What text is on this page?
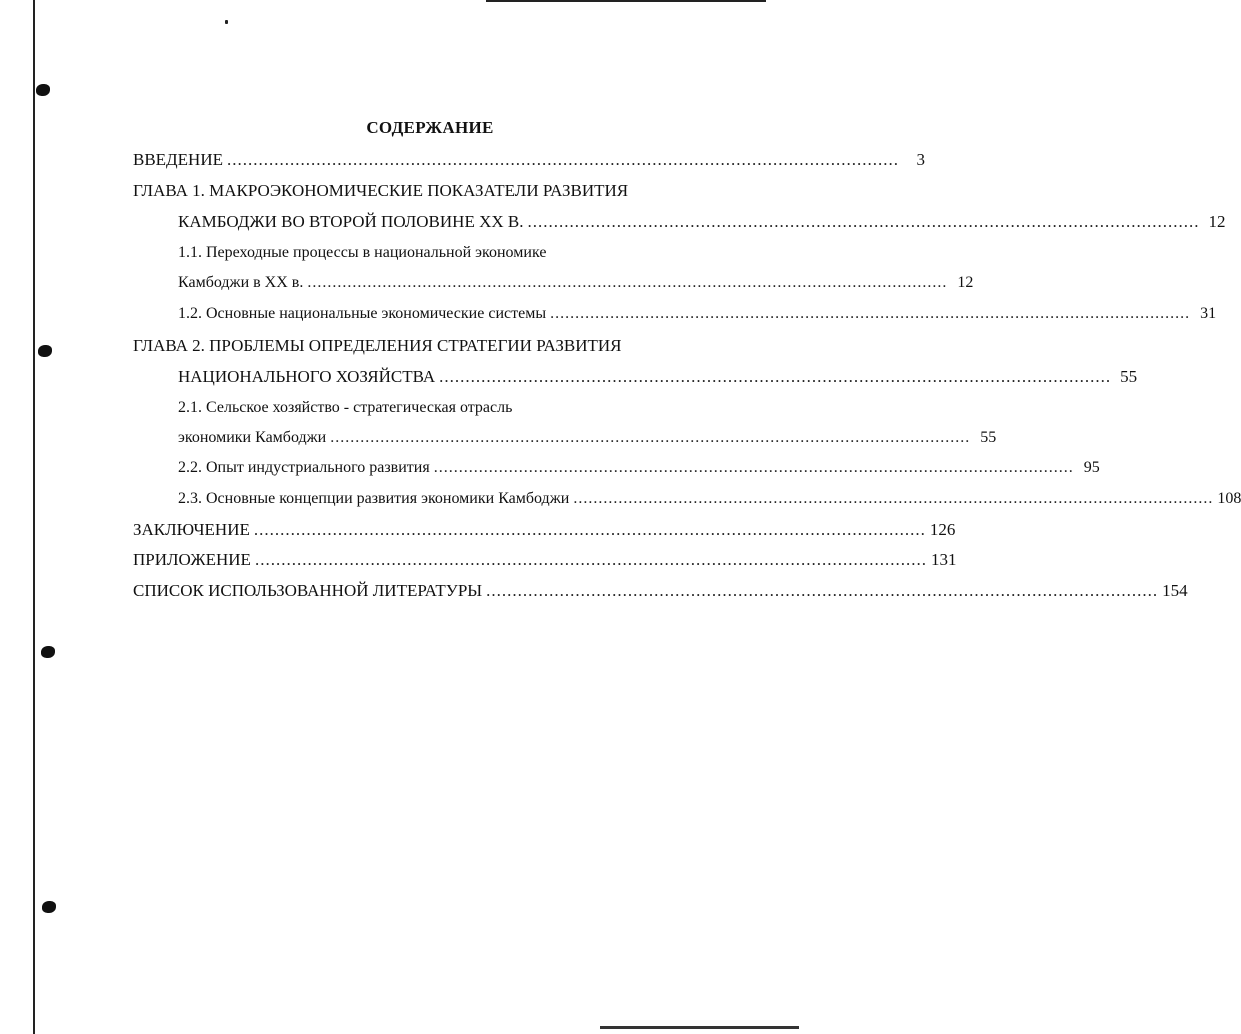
СОДЕРЖАНИЕ
ВВЕДЕНИЕ ................................................................................................................................	3
ГЛАВА 1. МАКРОЭКОНОМИЧЕСКИЕ ПОКАЗАТЕЛИ РАЗВИТИЯ
КАМБОДЖИ ВО ВТОРОЙ ПОЛОВИНЕ XX В. ................................................................................................................................ 12
1.1. Переходные процессы в национальной экономике
Камбоджи в XX в. ................................................................................................................................ 12
1.2. Основные национальные экономические системы ................................................................................................................................ 31
ГЛАВА 2. ПРОБЛЕМЫ ОПРЕДЕЛЕНИЯ СТРАТЕГИИ РАЗВИТИЯ
НАЦИОНАЛЬНОГО ХОЗЯЙСТВА ................................................................................................................................ 55
2.1. Сельское хозяйство - стратегическая отрасль
экономики Камбоджи ................................................................................................................................ 55
2.2. Опыт индустриального развития ................................................................................................................................ 95
2.3. Основные концепции развития экономики Камбоджи ................................................................................................................................ 108
ЗАКЛЮЧЕНИЕ ................................................................................................................................ 126
ПРИЛОЖЕНИЕ ................................................................................................................................ 131
СПИСОК ИСПОЛЬЗОВАННОЙ ЛИТЕРАТУРЫ ................................................................................................................................ 154
